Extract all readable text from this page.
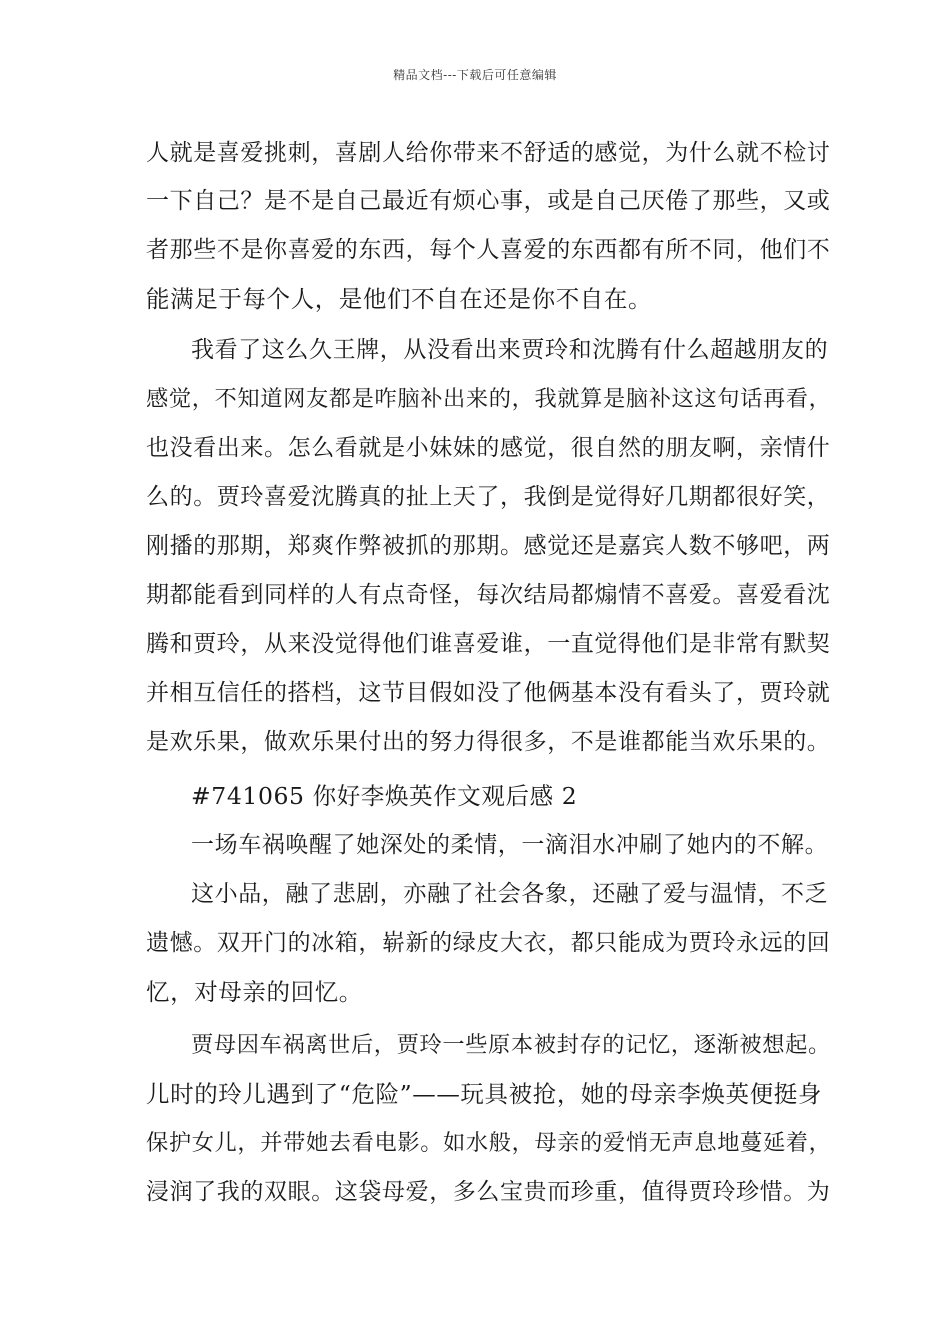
精品文档---下载后可任意编辑
人就是喜爱挑刺，喜剧人给你带来不舒适的感觉，为什么就不检讨
一下自己？是不是自己最近有烦心事，或是自己厌倦了那些，又或
者那些不是你喜爱的东西，每个人喜爱的东西都有所不同，他们不
能满足于每个人，是他们不自在还是你不自在。
我看了这么久王牌，从没看出来贾玲和沈腾有什么超越朋友的
感觉，不知道网友都是咋脑补出来的，我就算是脑补这这句话再看，
也没看出来。怎么看就是小妹妹的感觉，很自然的朋友啊，亲情什
么的。贾玲喜爱沈腾真的扯上天了，我倒是觉得好几期都很好笑，
刚播的那期，郑爽作弊被抓的那期。感觉还是嘉宾人数不够吧，两
期都能看到同样的人有点奇怪，每次结局都煽情不喜爱。喜爱看沈
腾和贾玲，从来没觉得他们谁喜爱谁，一直觉得他们是非常有默契
并相互信任的搭档，这节目假如没了他俩基本没有看头了，贾玲就
是欢乐果，做欢乐果付出的努力得很多，不是谁都能当欢乐果的。
#741065 你好李焕英作文观后感 2
一场车祸唤醒了她深处的柔情，一滴泪水冲刷了她内的不解。
这小品，融了悲剧，亦融了社会各象，还融了爱与温情，不乏
遗憾。双开门的冰箱，崭新的绿皮大衣，都只能成为贾玲永远的回
忆，对母亲的回忆。
贾母因车祸离世后，贾玲一些原本被封存的记忆，逐渐被想起。
儿时的玲儿遇到了“危险”——玩具被抢，她的母亲李焕英便挺身
保护女儿，并带她去看电影。如水般，母亲的爱悄无声息地蔓延着，
浸润了我的双眼。这袋母爱，多么宝贵而珍重，值得贾玲珍惜。为
